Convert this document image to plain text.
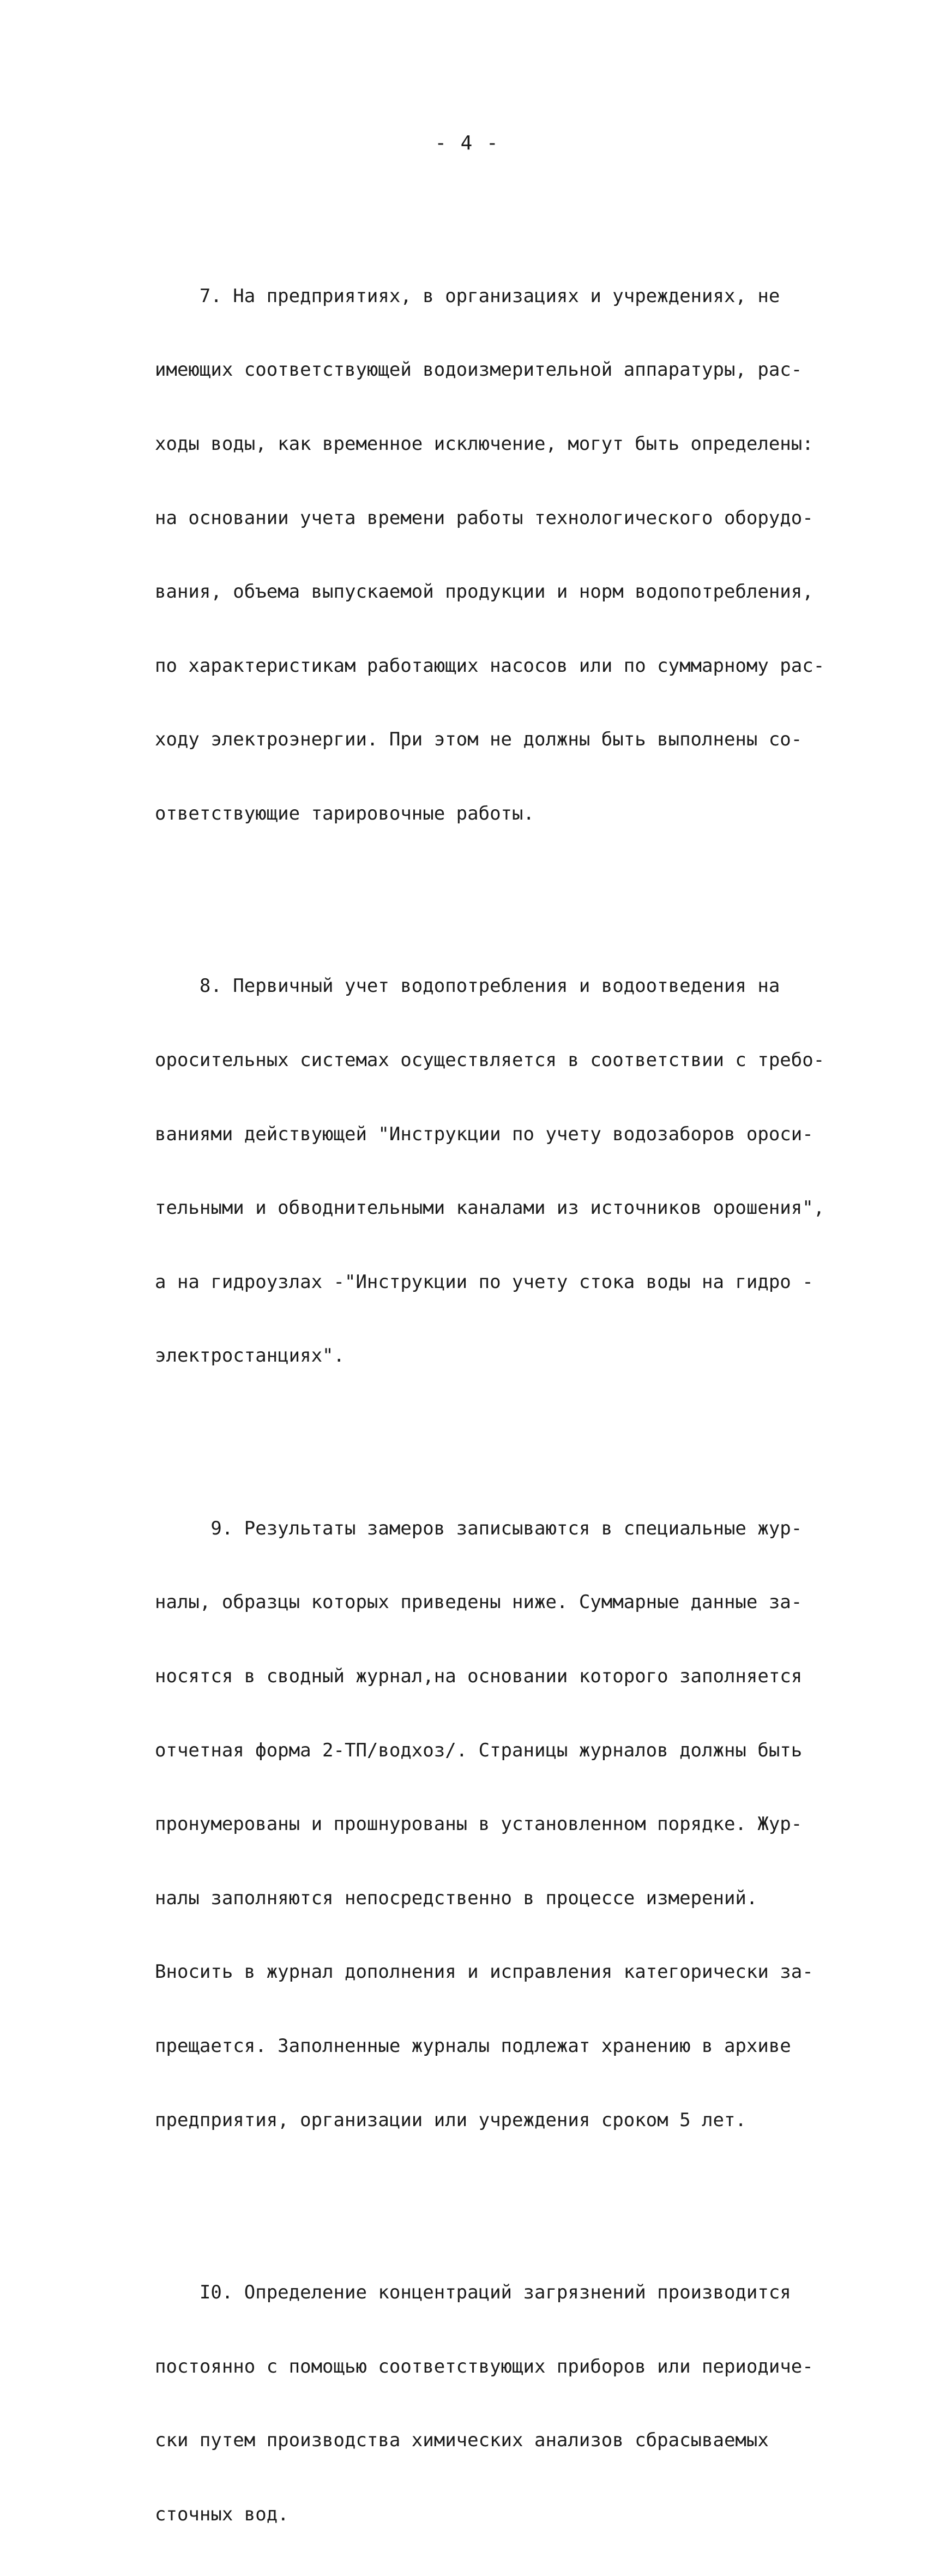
- 4 -

7. На предприятиях, в организациях и учреждениях, не

имеющих соответствующей водоизмерительной аппаратуры, рас-

ходы воды, как временное исключение, могут быть определены:

на основании учета времени работы технологического оборудо-

вания, объема выпускаемой продукции и норм водопотребления,

по характеристикам работающих насосов или по суммарному рас-

ходу электроэнергии. При этом не должны быть выполнены со-

ответствующие тарировочные работы.

8. Первичный учет водопотребления и водоотведения на

оросительных системах осуществляется в соответствии с требо-

ваниями действующей "Инструкции по учету водозаборов ороси-

тельными и обводнительными каналами из источников орошения",

а на гидроузлах -"Инструкции по учету стока воды на гидро -

электростанциях".

9. Результаты замеров записываются в специальные жур-

налы, образцы которых приведены ниже. Суммарные данные за-

носятся в сводный журнал,на основании которого заполняется

отчетная форма 2-ТП/водхоз/. Страницы журналов должны быть

пронумерованы и прошнурованы в установленном порядке. Жур-

налы заполняются непосредственно в процессе измерений.

Вносить в журнал дополнения и исправления категорически за-

прещается. Заполненные журналы подлежат хранению в архиве

предприятия, организации или учреждения сроком 5 лет.

I0. Определение концентраций загрязнений производится

постоянно с помощью соответствующих приборов или периодиче-

ски путем производства химических анализов сбрасываемых

сточных вод.
